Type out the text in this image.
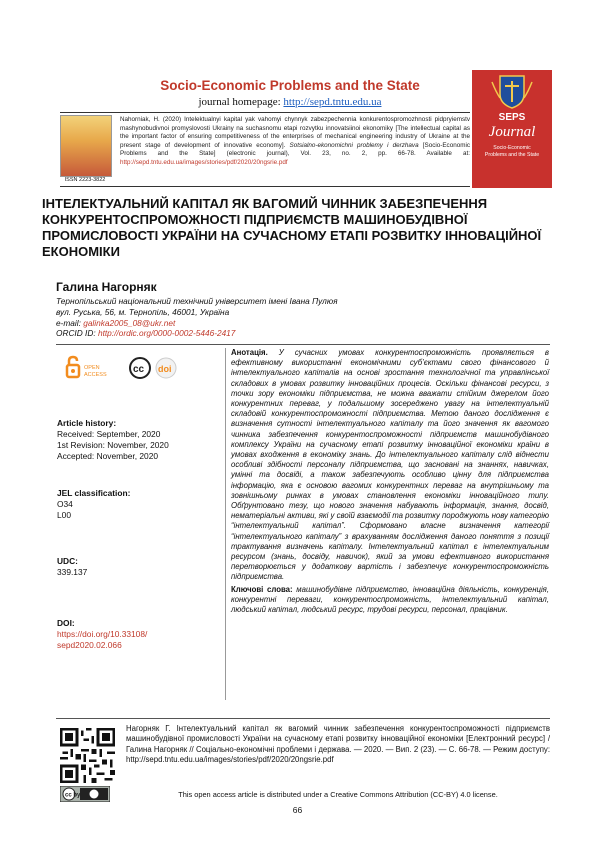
Socio-Economic Problems and the State
journal homepage: http://sepd.tntu.edu.ua
ISSN 2223-3822
Nahorniak, H. (2020) Intelektualnyi kapital yak vahomyi chynnyk zabezpechennia konkurentospromozhnosti pidpryiemstv mashynobudivnoi promyslovosti Ukrainy na suchasnomu etapi rozvytku innovatsiinoi ekonomiky [The intellectual capital as the important factor of ensuring competitiveness of the enterprises of mechanical engineering industry of Ukraine at the present stage of development of innovative economy]. Sotsialno-ekonomichni problemy i derzhava [Socio-Economic Problems and the State] (electronic journal), Vol. 23, no. 2, pp. 66-78. Available at: http://sepd.tntu.edu.ua/images/stories/pdf/2020/20ngsrie.pdf
SEPS
Journal
Socio-Economic
Problems and the State
ІНТЕЛЕКТУАЛЬНИЙ КАПІТАЛ ЯК ВАГОМИЙ ЧИННИК ЗАБЕЗПЕЧЕННЯ КОНКУРЕНТОСПРОМОЖНОСТІ ПІДПРИЄМСТВ МАШИНОБУДІВНОЇ ПРОМИСЛОВОСТІ УКРАЇНИ НА СУЧАСНОМУ ЕТАПІ РОЗВИТКУ ІННОВАЦІЙНОЇ ЕКОНОМІКИ
Галина Нагорняк
Тернопільський національний технічний університет імені Івана Пулюя
вул. Руська, 56, м. Тернопіль, 46001, Україна
e-mail: galinka2005_08@ukr.net
ORCID ID: http://ordic.org/0000-0002-5446-2417
OPEN
ACCESS	cc doi
Article history:
Received: September, 2020
1st Revision: November, 2020
Accepted: November, 2020
JEL classification:
O34
L00
UDC:
339.137
DOI:
https://doi.org/10.33108/
sepd2020.02.066
Анотація. У сучасних умовах конкурентоспроможність проявляється в ефективному використанні економічними суб’єктами свого фінансового й інтелектуального капіталів на основі зростання технологічної та управлінської складових в умовах розвитку інноваційних процесів. Оскільки фінансові ресурси, з точки зору економіки підприємства, не можна вважати стійким джерелом його конкурентних переваг, у подальшому зосереджено увагу на інтелектуальній складовій конкурентоспроможності підприємства. Метою даного дослідження є визначення сутності інтелектуального капіталу та його значення як вагомого чинника забезпечення конкурентоспроможності підприємств машинобудівного комплексу України на сучасному етапі розвитку інноваційної економіки країни в умовах входження в економіку знань. До інтелектуального капіталу слід віднести особливі здібності персоналу підприємства, що засновані на знаннях, навичках, умінні та досвіді, а також забезпечують особливо цінну для підприємства інформацію, яка є основою вагомих конкурентних переваг на внутрішньому та зовнішньому ринках в умовах становлення економіки інноваційного типу. Обґрунтовано тезу, що нового значення набувають інформація, знання, досвід, нематеріальні активи, які у своїй взаємодії та розвитку породжують нову категорію “інтелектуальний капітал”. Сформовано власне визначення категорії “інтелектуального капіталу” з врахуванням дослідження даного поняття з позиції трактування визначень капіталу. Інтелектуальний капітал є інтелектуальним ресурсом (знань, досвіду, навичок), який за умови ефективного використання перетворюється у додаткову вартість і забезпечує конкурентоспроможність підприємства.
Ключові слова: машинобудівне підприємство, інноваційна діяльність, конкуренція, конкурентні переваги, конкурентоспроможність, інтелектуальний капітал, людський капітал, людський ресурс, трудові ресурси, персонал, працівник.
cc by
Нагорняк Г. Інтелектуальний капітал як вагомий чинник забезпечення конкурентоспроможності підприємств машинобудівної промисловості України на сучасному етапі розвитку інноваційної економіки [Електронний ресурс] / Галина Нагорняк // Соціально-економічні проблеми і держава. — 2020. — Вип. 2 (23). — С. 66-78. — Режим доступу: http://sepd.tntu.edu.ua/images/stories/pdf/2020/20ngsrie.pdf
This open access article is distributed under a Creative Commons Attribution (CC-BY) 4.0 license.
66
